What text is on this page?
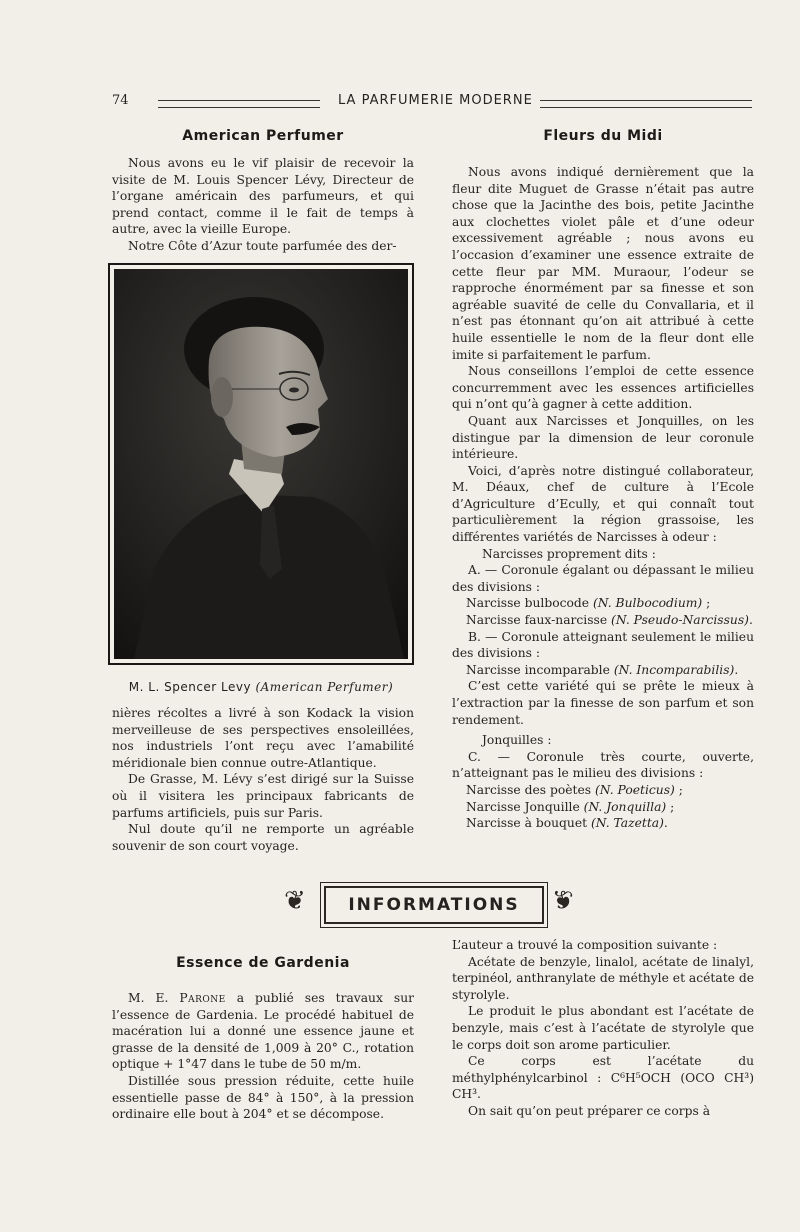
74	LA PARFUMERIE MODERNE
American Perfumer

Nous avons eu le vif plaisir de recevoir la visite de M. Louis Spencer Lévy, Directeur de l’organe américain des parfumeurs, et qui prend contact, comme il le fait de temps à autre, avec la vieille Europe.

Notre Côte d’Azur toute parfumée des der-

M. L. Spencer Levy (American Perfumer)

nières récoltes a livré à son Kodack la vision merveilleuse de ses perspectives ensoleillées, nos industriels l’ont reçu avec l’amabilité méridionale bien connue outre-Atlantique.

De Grasse, M. Lévy s’est dirigé sur la Suisse où il visitera les principaux fabricants de parfums artificiels, puis sur Paris.

Nul doute qu’il ne remporte un agréable souvenir de son court voyage.

Fleurs du Midi

Nous avons indiqué dernièrement que la fleur dite Muguet de Grasse n’était pas autre chose que la Jacinthe des bois, petite Jacinthe aux clochettes violet pâle et d’une odeur excessivement agréable ; nous avons eu l’occasion d’examiner une essence extraite de cette fleur par MM. Muraour, l’odeur se rapproche énormément par sa finesse et son agréable suavité de celle du Convallaria, et il n’est pas étonnant qu’on ait attribué à cette huile essentielle le nom de la fleur dont elle imite si parfaitement le parfum.

Nous conseillons l’emploi de cette essence concurremment avec les essences artificielles qui n’ont qu’à gagner à cette addition.

Quant aux Narcisses et Jonquilles, on les distingue par la dimension de leur coronule intérieure.

Voici, d’après notre distingué collaborateur, M. Déaux, chef de culture à l’Ecole d’Agriculture d’Ecully, et qui connaît tout particulièrement la région grassoise, les différentes variétés de Narcisses à odeur :

Narcisses proprement dits :

A. — Coronule égalant ou dépassant le milieu des divisions :

Narcisse bulbocode (N. Bulbocodium) ;

Narcisse faux-narcisse (N. Pseudo-Narcissus).

B. — Coronule atteignant seulement le milieu des divisions :

Narcisse incomparable (N. Incomparabilis).

C’est cette variété qui se prête le mieux à l’extraction par la finesse de son parfum et son rendement.

Jonquilles :

C. — Coronule très courte, ouverte, n’atteignant pas le milieu des divisions :

Narcisse des poètes (N. Poeticus) ;

Narcisse Jonquille (N. Jonquilla) ;

Narcisse à bouquet (N. Tazetta).

❦	INFORMATIONS	❦
Essence de Gardenia

M. E. Parone a publié ses travaux sur l’essence de Gardenia. Le procédé habituel de macération lui a donné une essence jaune et grasse de la densité de 1,009 à 20° C., rotation optique + 1°47 dans le tube de 50 m/m.

Distillée sous pression réduite, cette huile essentielle passe de 84° à 150°, à la pression ordinaire elle bout à 204° et se décompose.

L’auteur a trouvé la composition suivante :

Acétate de benzyle, linalol, acétate de linalyl, terpinéol, anthranylate de méthyle et acétate de styrolyle.

Le produit le plus abondant est l’acétate de benzyle, mais c’est à l’acétate de styrolyle que le corps doit son arome particulier.

Ce corps est l’acétate du méthylphénylcarbinol : C⁶H⁵OCH (OCO CH³) CH³.

On sait qu’on peut préparer ce corps à
